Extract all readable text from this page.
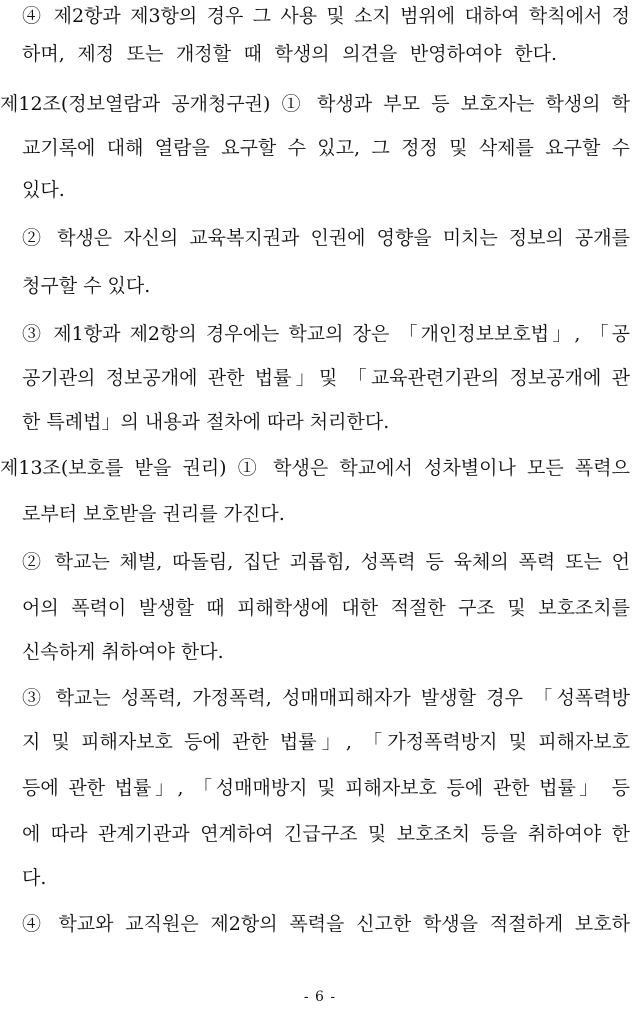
④ 제2항과 제3항의 경우 그 사용 및 소지 범위에 대하여 학칙에서 정
하며, 제정 또는 개정할 때 학생의 의견을 반영하여야 한다.
제12조(정보열람과 공개청구권) ① 학생과 부모 등 보호자는 학생의 학
교기록에 대해 열람을 요구할 수 있고, 그 정정 및 삭제를 요구할 수
있다.
② 학생은 자신의 교육복지권과 인권에 영향을 미치는 정보의 공개를
청구할 수 있다.
③ 제1항과 제2항의 경우에는 학교의 장은 「개인정보보호법」, 「공
공기관의 정보공개에 관한 법률」및 「교육관련기관의 정보공개에 관
한 특례법」의 내용과 절차에 따라 처리한다.
제13조(보호를 받을 권리) ① 학생은 학교에서 성차별이나 모든 폭력으
로부터 보호받을 권리를 가진다.
② 학교는 체벌, 따돌림, 집단 괴롭힘, 성폭력 등 육체의 폭력 또는 언
어의 폭력이 발생할 때 피해학생에 대한 적절한 구조 및 보호조치를
신속하게 취하여야 한다.
③ 학교는 성폭력, 가정폭력, 성매매피해자가 발생할 경우 「성폭력방
지 및 피해자보호 등에 관한 법률」, 「가정폭력방지 및 피해자보호
등에 관한 법률」, 「성매매방지 및 피해자보호 등에 관한 법률」 등
에 따라 관계기관과 연계하여 긴급구조 및 보호조치 등을 취하여야 한
다.
④ 학교와 교직원은 제2항의 폭력을 신고한 학생을 적절하게 보호하
- 6 -
